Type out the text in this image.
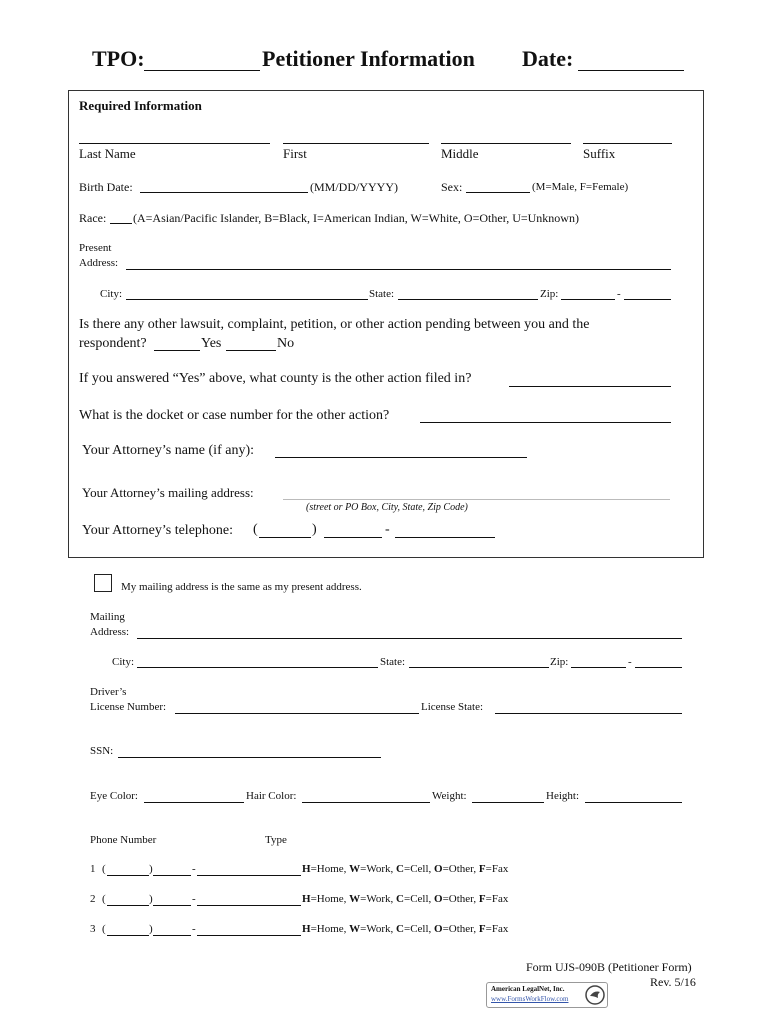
TPO:	Petitioner Information Date:
Required Information
Last Name	First	Middle	Suffix
Birth Date:	(MM/DD/YYYY)	Sex:	(M=Male, F=Female)
Race: (A=Asian/Pacific Islander, B=Black, I=American Indian, W=White, O=Other, U=Unknown)
Present
Address:
City:	State:	Zip:	-
Is there any other lawsuit, complaint, petition, or other action pending between you and the
respondent?	Yes	No
If you answered “Yes” above, what county is the other action filed in?
What is the docket or case number for the other action?
Your Attorney’s name (if any):
Your Attorney’s mailing address:
(street or PO Box, City, State, Zip Code)
Your Attorney’s telephone: (	)	-
My mailing address is the same as my present address.
Mailing
Address:
City:	State:	Zip:	-
Driver’s
License Number:	License State:
SSN:
Eye Color:	Hair Color:	Weight:	Height:
Phone Number	Type
1 (	)	-	H=Home, W=Work, C=Cell, O=Other, F=Fax
2 (	)	-	H=Home, W=Work, C=Cell, O=Other, F=Fax
3 (	)	-	H=Home, W=Work, C=Cell, O=Other, F=Fax
Form UJS-090B (Petitioner Form)
Rev. 5/16
American LegalNet, Inc.
www.FormsWorkFlow.com
